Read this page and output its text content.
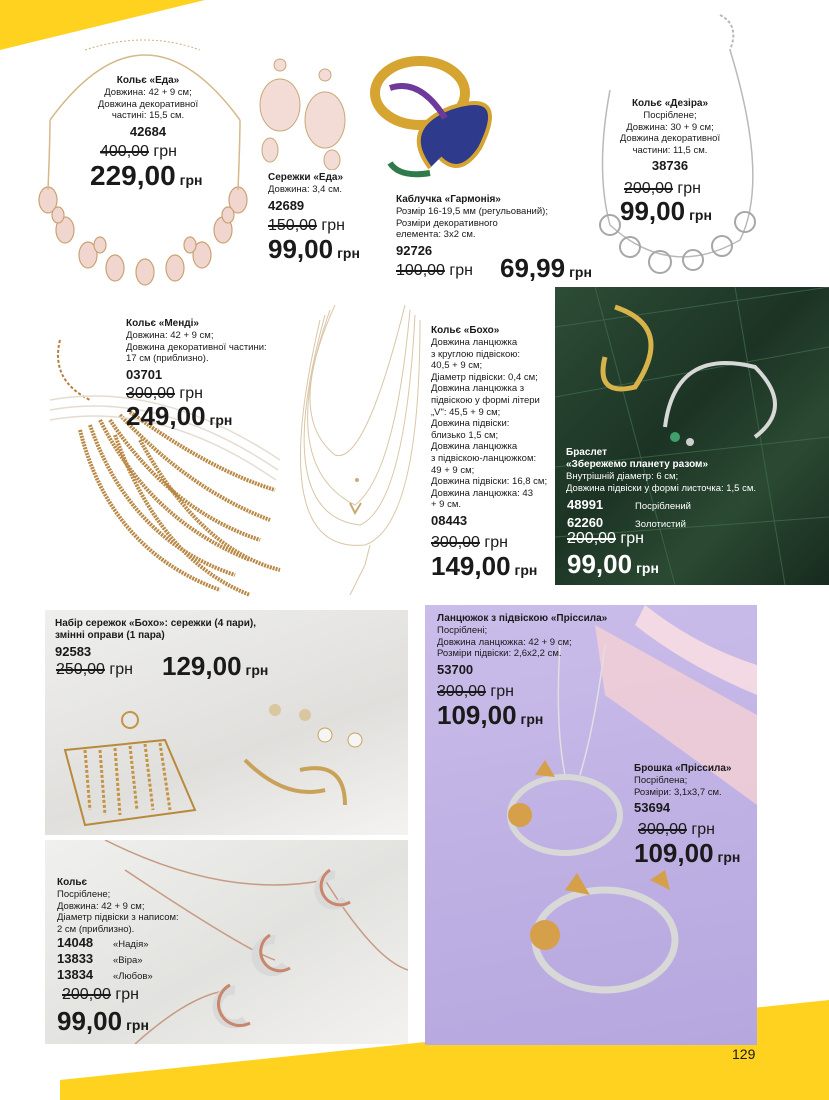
Кольє «Еда»
Довжина: 42 + 9 см;
Довжина декоративної
частині: 15,5 см.
42684
400,00 грн
229,00 грн	Сережки «Еда»
Довжина: 3,4 см.
42689
150,00 грн
99,00 грн
Каблучка «Гармонія»
Розмір 16-19,5 мм (регульований);
Розміри декоративного
елемента: 3х2 см.
92726
100,00 грн 69,99 грн
Кольє «Дезіра»
Посріблене;
Довжина: 30 + 9 см;
Довжина декоративної
частини: 11,5 см.
38736
200,00 грн
99,00 грн
Кольє «Менді»
Довжина: 42 + 9 см;
Довжина декоративної частини:
17 см (приблизно).
03701
300,00 грн
249,00 грн
Кольє «Бохо»
Довжина ланцюжка
з круглою підвіскою:
40,5 + 9 см;
Діаметр підвіски: 0,4 см;
Довжина ланцюжка з
підвіскою у формі літери
„V": 45,5 + 9 см;
Довжина підвіски:
близько 1,5 см;
Довжина ланцюжка
з підвіскою-ланцюжком:
49 + 9 см;
Довжина підвіски: 16,8 см;
Довжина ланцюжка: 43
+ 9 см.
08443
300,00 грн
149,00 грн
Браслет
«Збережемо планету разом»
Внутрішній діаметр: 6 см;
Довжина підвіски у формі листочка: 1,5 см.
48991	Посріблений
62260	Золотистий
200,00 грн
99,00 грн
Набір сережок «Бохо»: сережки (4 пари),
змінні оправи (1 пара)
92583
250,00 грн 129,00 грн
Кольє
Посріблене;
Довжина: 42 + 9 см;
Діаметр підвіски з написом:
2 см (приблизно).
14048	«Надія»
13833	«Віра»
13834	«Любов»
200,00 грн
99,00 грн
Ланцюжок з підвіскою «Пріссила»
Посріблені;
Довжина ланцюжка: 42 + 9 см;
Розміри підвіски: 2,6х2,2 см.
53700
300,00 грн
109,00 грн
Брошка «Пріссила»
Посріблена;
Розміри: 3,1х3,7 см.
53694
300,00 грн
109,00 грн
129
